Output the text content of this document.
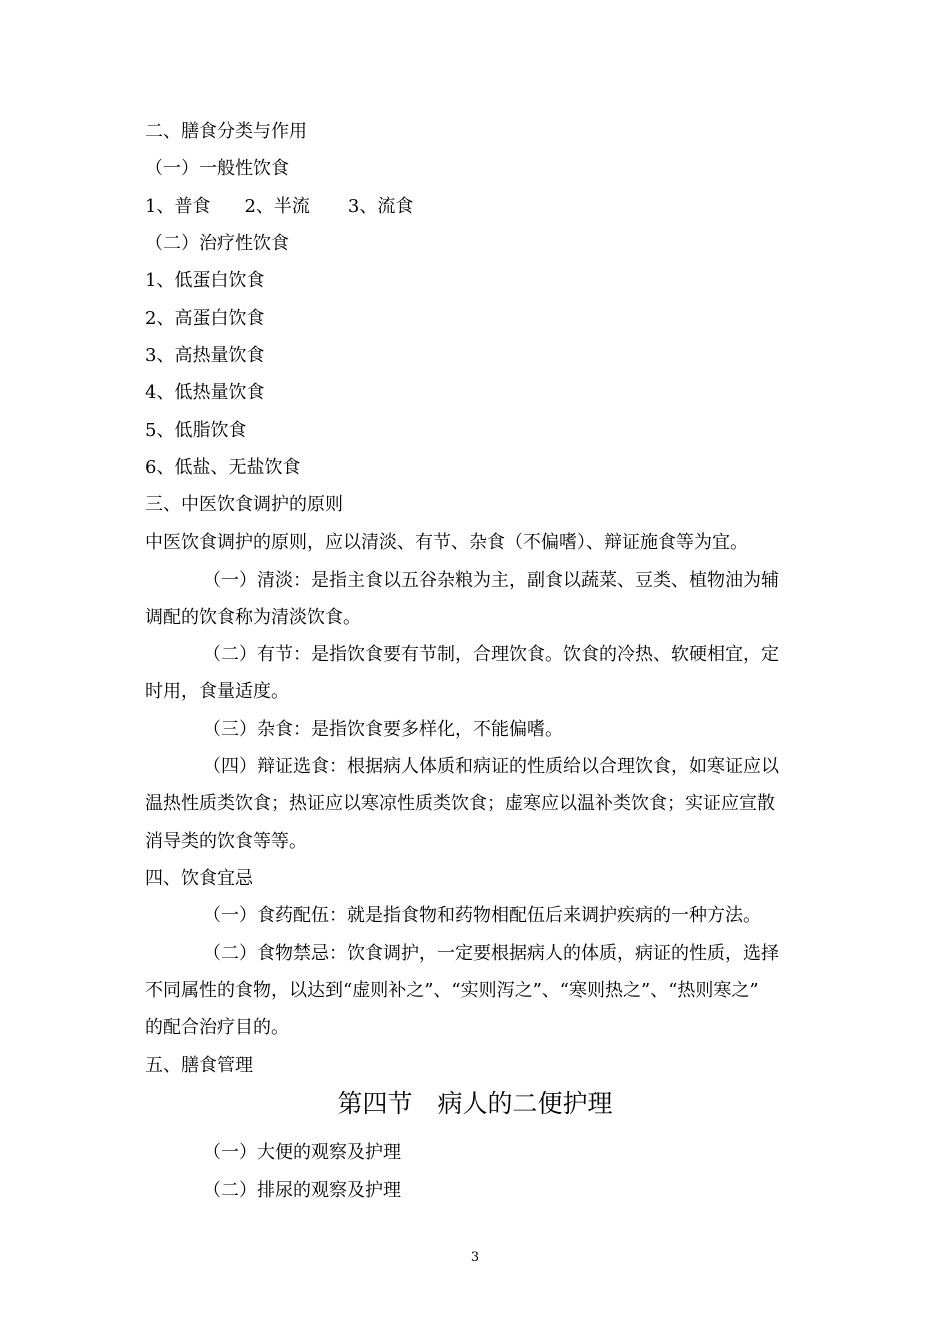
二、膳食分类与作用
（一）一般性饮食
1、普食 2、半流 3、流食
（二）治疗性饮食
1、低蛋白饮食
2、高蛋白饮食
3、高热量饮食
4、低热量饮食
5、低脂饮食
6、低盐、无盐饮食
三、中医饮食调护的原则
中医饮食调护的原则，应以清淡、有节、杂食（不偏嗜）、辩证施食等为宜。
（一）清淡：是指主食以五谷杂粮为主，副食以蔬菜、豆类、植物油为辅
调配的饮食称为清淡饮食。
（二）有节：是指饮食要有节制，合理饮食。饮食的冷热、软硬相宜，定
时用，食量适度。
（三）杂食：是指饮食要多样化，不能偏嗜。
（四）辩证选食：根据病人体质和病证的性质给以合理饮食，如寒证应以
温热性质类饮食；热证应以寒凉性质类饮食；虚寒应以温补类饮食；实证应宣散
消导类的饮食等等。
四、饮食宜忌
（一）食药配伍：就是指食物和药物相配伍后来调护疾病的一种方法。
（二）食物禁忌：饮食调护，一定要根据病人的体质，病证的性质，选择
不同属性的食物，以达到“虚则补之”、“实则泻之”、“寒则热之”、“热则寒之”
的配合治疗目的。
五、膳食管理
第四节　病人的二便护理
（一）大便的观察及护理
（二）排尿的观察及护理
3
